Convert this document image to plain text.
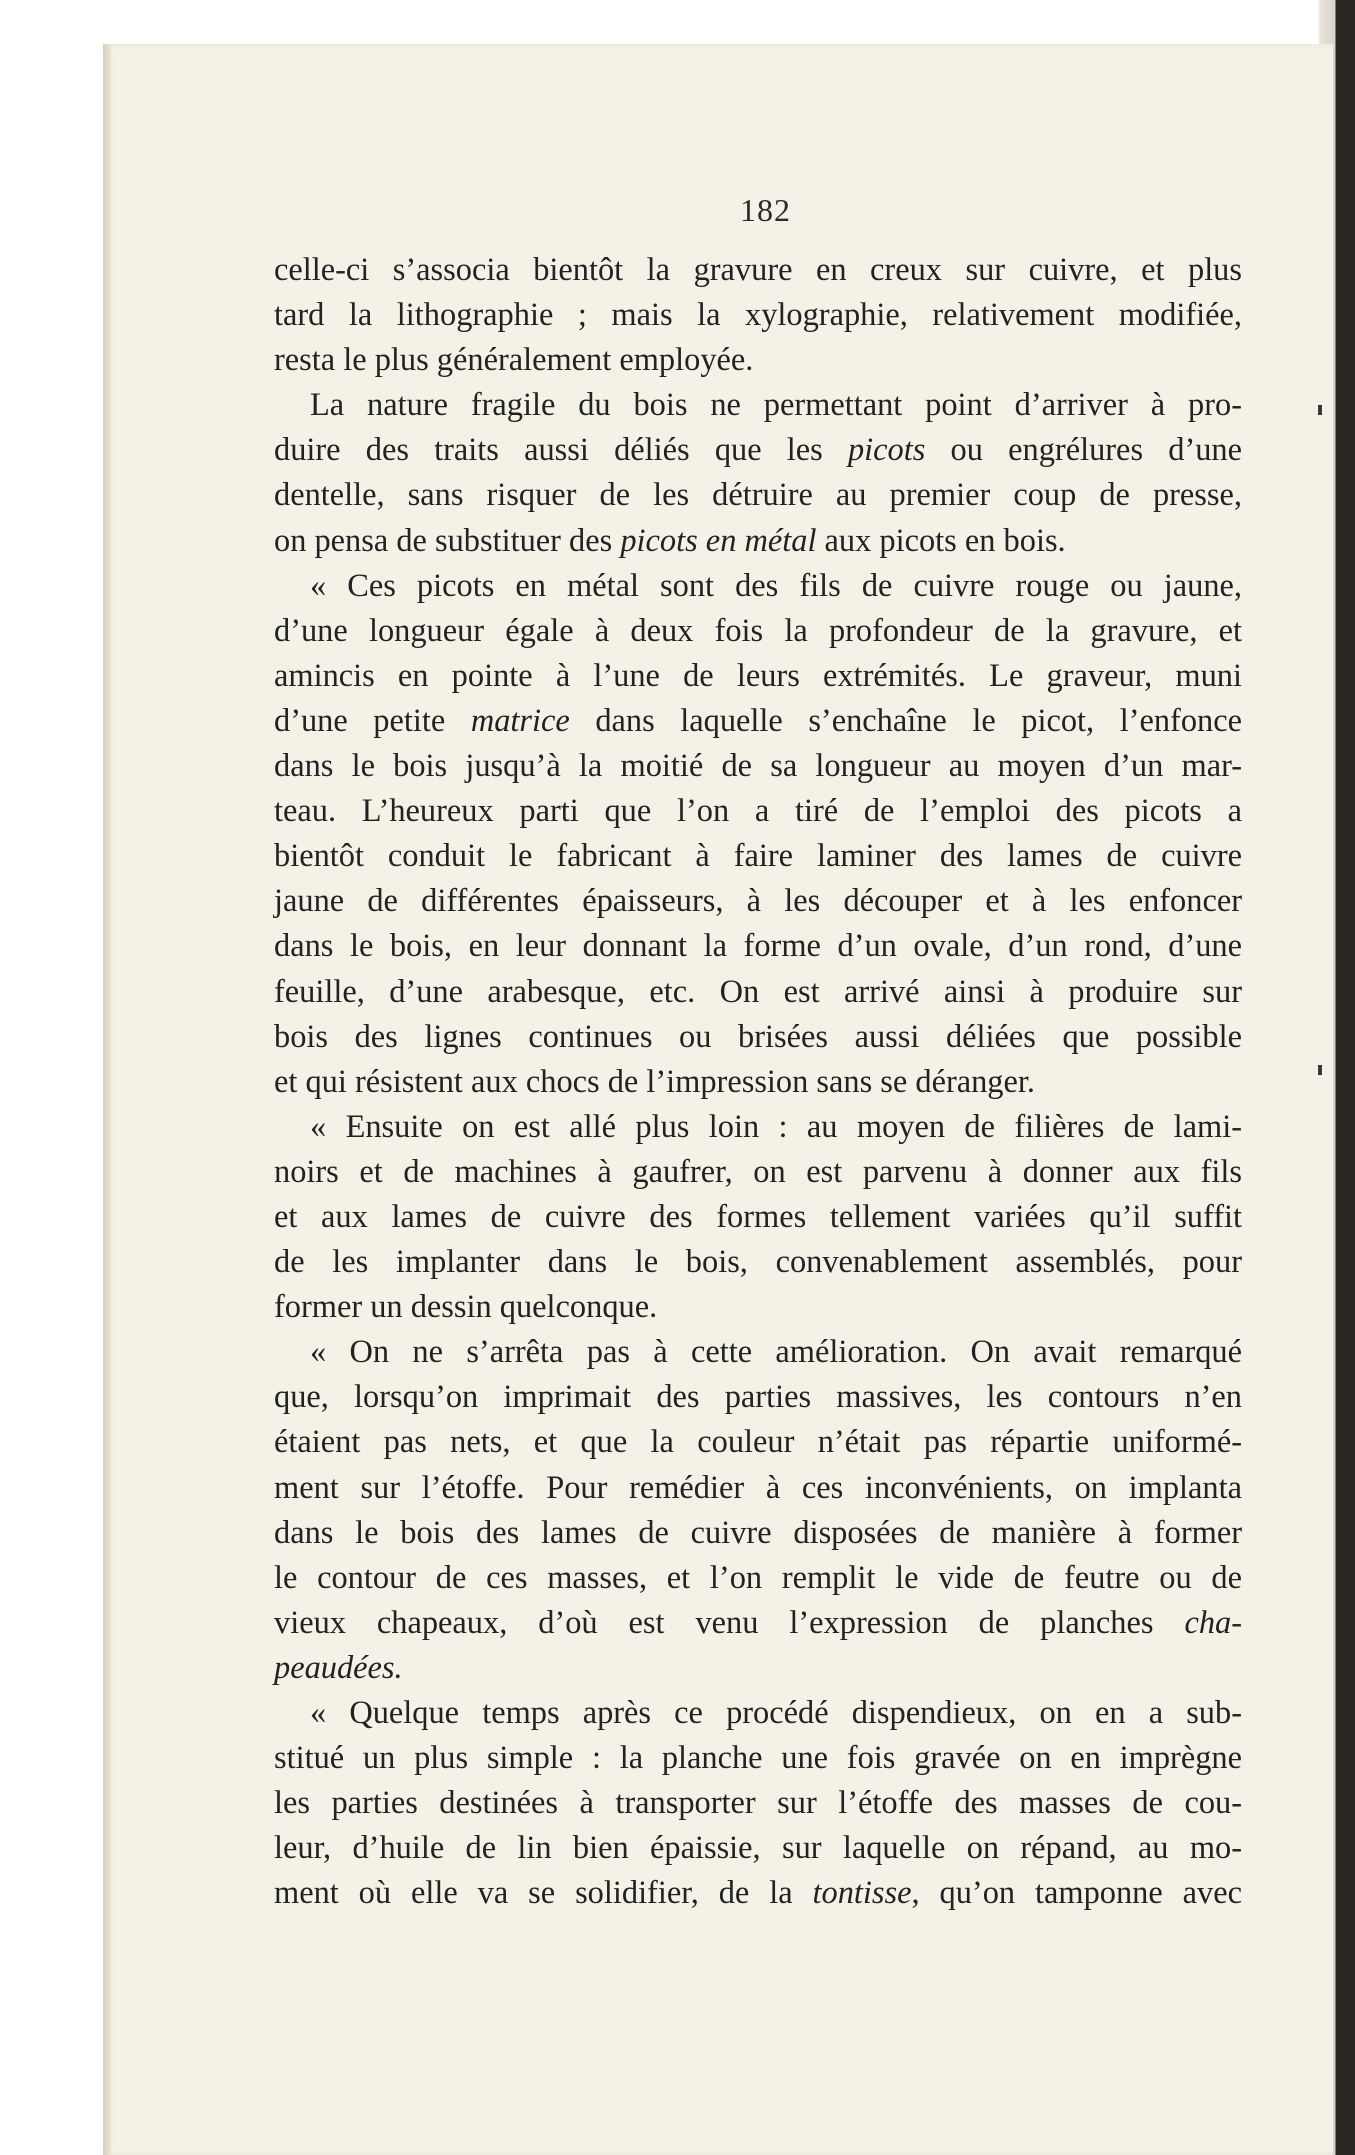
182
celle-ci s’associa bientôt la gravure en creux sur cuivre, et plus
tard la lithographie ; mais la xylographie, relativement modifiée,
resta le plus généralement employée.
La nature fragile du bois ne permettant point d’arriver à pro-
duire des traits aussi déliés que les picots ou engrélures d’une
dentelle, sans risquer de les détruire au premier coup de presse,
on pensa de substituer des picots en métal aux picots en bois.
« Ces picots en métal sont des fils de cuivre rouge ou jaune,
d’une longueur égale à deux fois la profondeur de la gravure, et
amincis en pointe à l’une de leurs extrémités. Le graveur, muni
d’une petite matrice dans laquelle s’enchaîne le picot, l’enfonce
dans le bois jusqu’à la moitié de sa longueur au moyen d’un mar-
teau. L’heureux parti que l’on a tiré de l’emploi des picots a
bientôt conduit le fabricant à faire laminer des lames de cuivre
jaune de différentes épaisseurs, à les découper et à les enfoncer
dans le bois, en leur donnant la forme d’un ovale, d’un rond, d’une
feuille, d’une arabesque, etc. On est arrivé ainsi à produire sur
bois des lignes continues ou brisées aussi déliées que possible
et qui résistent aux chocs de l’impression sans se déranger.
« Ensuite on est allé plus loin : au moyen de filières de lami-
noirs et de machines à gaufrer, on est parvenu à donner aux fils
et aux lames de cuivre des formes tellement variées qu’il suffit
de les implanter dans le bois, convenablement assemblés, pour
former un dessin quelconque.
« On ne s’arrêta pas à cette amélioration. On avait remarqué
que, lorsqu’on imprimait des parties massives, les contours n’en
étaient pas nets, et que la couleur n’était pas répartie uniformé-
ment sur l’étoffe. Pour remédier à ces inconvénients, on implanta
dans le bois des lames de cuivre disposées de manière à former
le contour de ces masses, et l’on remplit le vide de feutre ou de
vieux chapeaux, d’où est venu l’expression de planches cha-
peaudées.
« Quelque temps après ce procédé dispendieux, on en a sub-
stitué un plus simple : la planche une fois gravée on en imprègne
les parties destinées à transporter sur l’étoffe des masses de cou-
leur, d’huile de lin bien épaissie, sur laquelle on répand, au mo-
ment où elle va se solidifier, de la tontisse, qu’on tamponne avec
